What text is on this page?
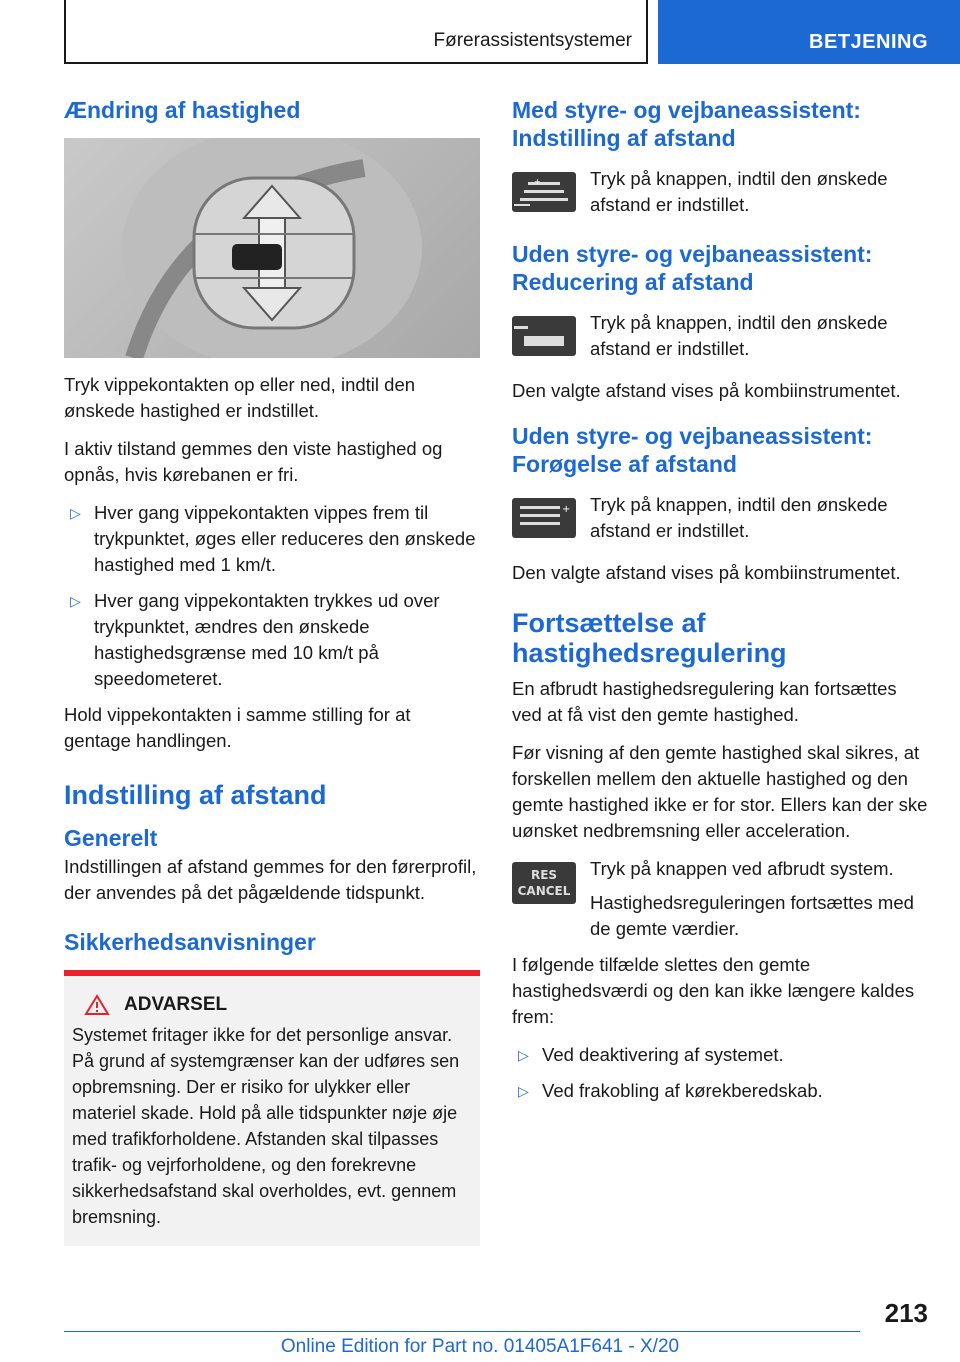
Førerassistentsystemer	BETJENING
Ændring af hastighed

Tryk vippekontakten op eller ned, indtil den ønskede hastighed er indstillet.

I aktiv tilstand gemmes den viste hastighed og opnås, hvis kørebanen er fri.

▷ Hver gang vippekontakten vippes frem til trykpunktet, øges eller reduceres den ønskede hastighed med 1 km/t.
▷ Hver gang vippekontakten trykkes ud over trykpunktet, ændres den ønskede hastighedsgrænse med 10 km/t på speedometeret.

Hold vippekontakten i samme stilling for at gentage handlingen.

Indstilling af afstand
Generelt

Indstillingen af afstand gemmes for den førerprofil, der anvendes på det pågældende tidspunkt.

Sikkerhedsanvisninger
ADVARSEL

Systemet fritager ikke for det personlige ansvar. På grund af systemgrænser kan der udføres sen opbremsning. Der er risiko for ulykker eller materiel skade. Hold på alle tidspunkter nøje øje med trafikforholdene. Afstanden skal tilpasses trafik- og vejrforholdene, og den forekrevne sikkerhedsafstand skal overholdes, evt. gennem bremsning.

Med styre- og vejbaneassistent: Indstilling af afstand
+	Tryk på knappen, indtil den ønskede afstand er indstillet.

Uden styre- og vejbaneassistent: Reducering af afstand

Tryk på knappen, indtil den ønskede afstand er indstillet.

Den valgte afstand vises på kombiinstrumentet.

Uden styre- og vejbaneassistent: Forøgelse af afstand
+ Tryk på knappen, indtil den ønskede afstand er indstillet.

Den valgte afstand vises på kombiinstrumentet.

Fortsættelse af hastighedsregulering

En afbrudt hastighedsregulering kan fortsættes ved at få vist den gemte hastighed.

Før visning af den gemte hastighed skal sikres, at forskellen mellem den aktuelle hastighed og den gemte hastighed ikke er for stor. Ellers kan der ske uønsket nedbremsning eller acceleration.

RES
CANCEL

Tryk på knappen ved afbrudt system.

Hastighedsreguleringen fortsættes med de gemte værdier.

I følgende tilfælde slettes den gemte hastighedsværdi og den kan ikke længere kaldes frem:

▷ Ved deaktivering af systemet.
▷ Ved frakobling af kørekberedskab.
213
Online Edition for Part no. 01405A1F641 - X/20
